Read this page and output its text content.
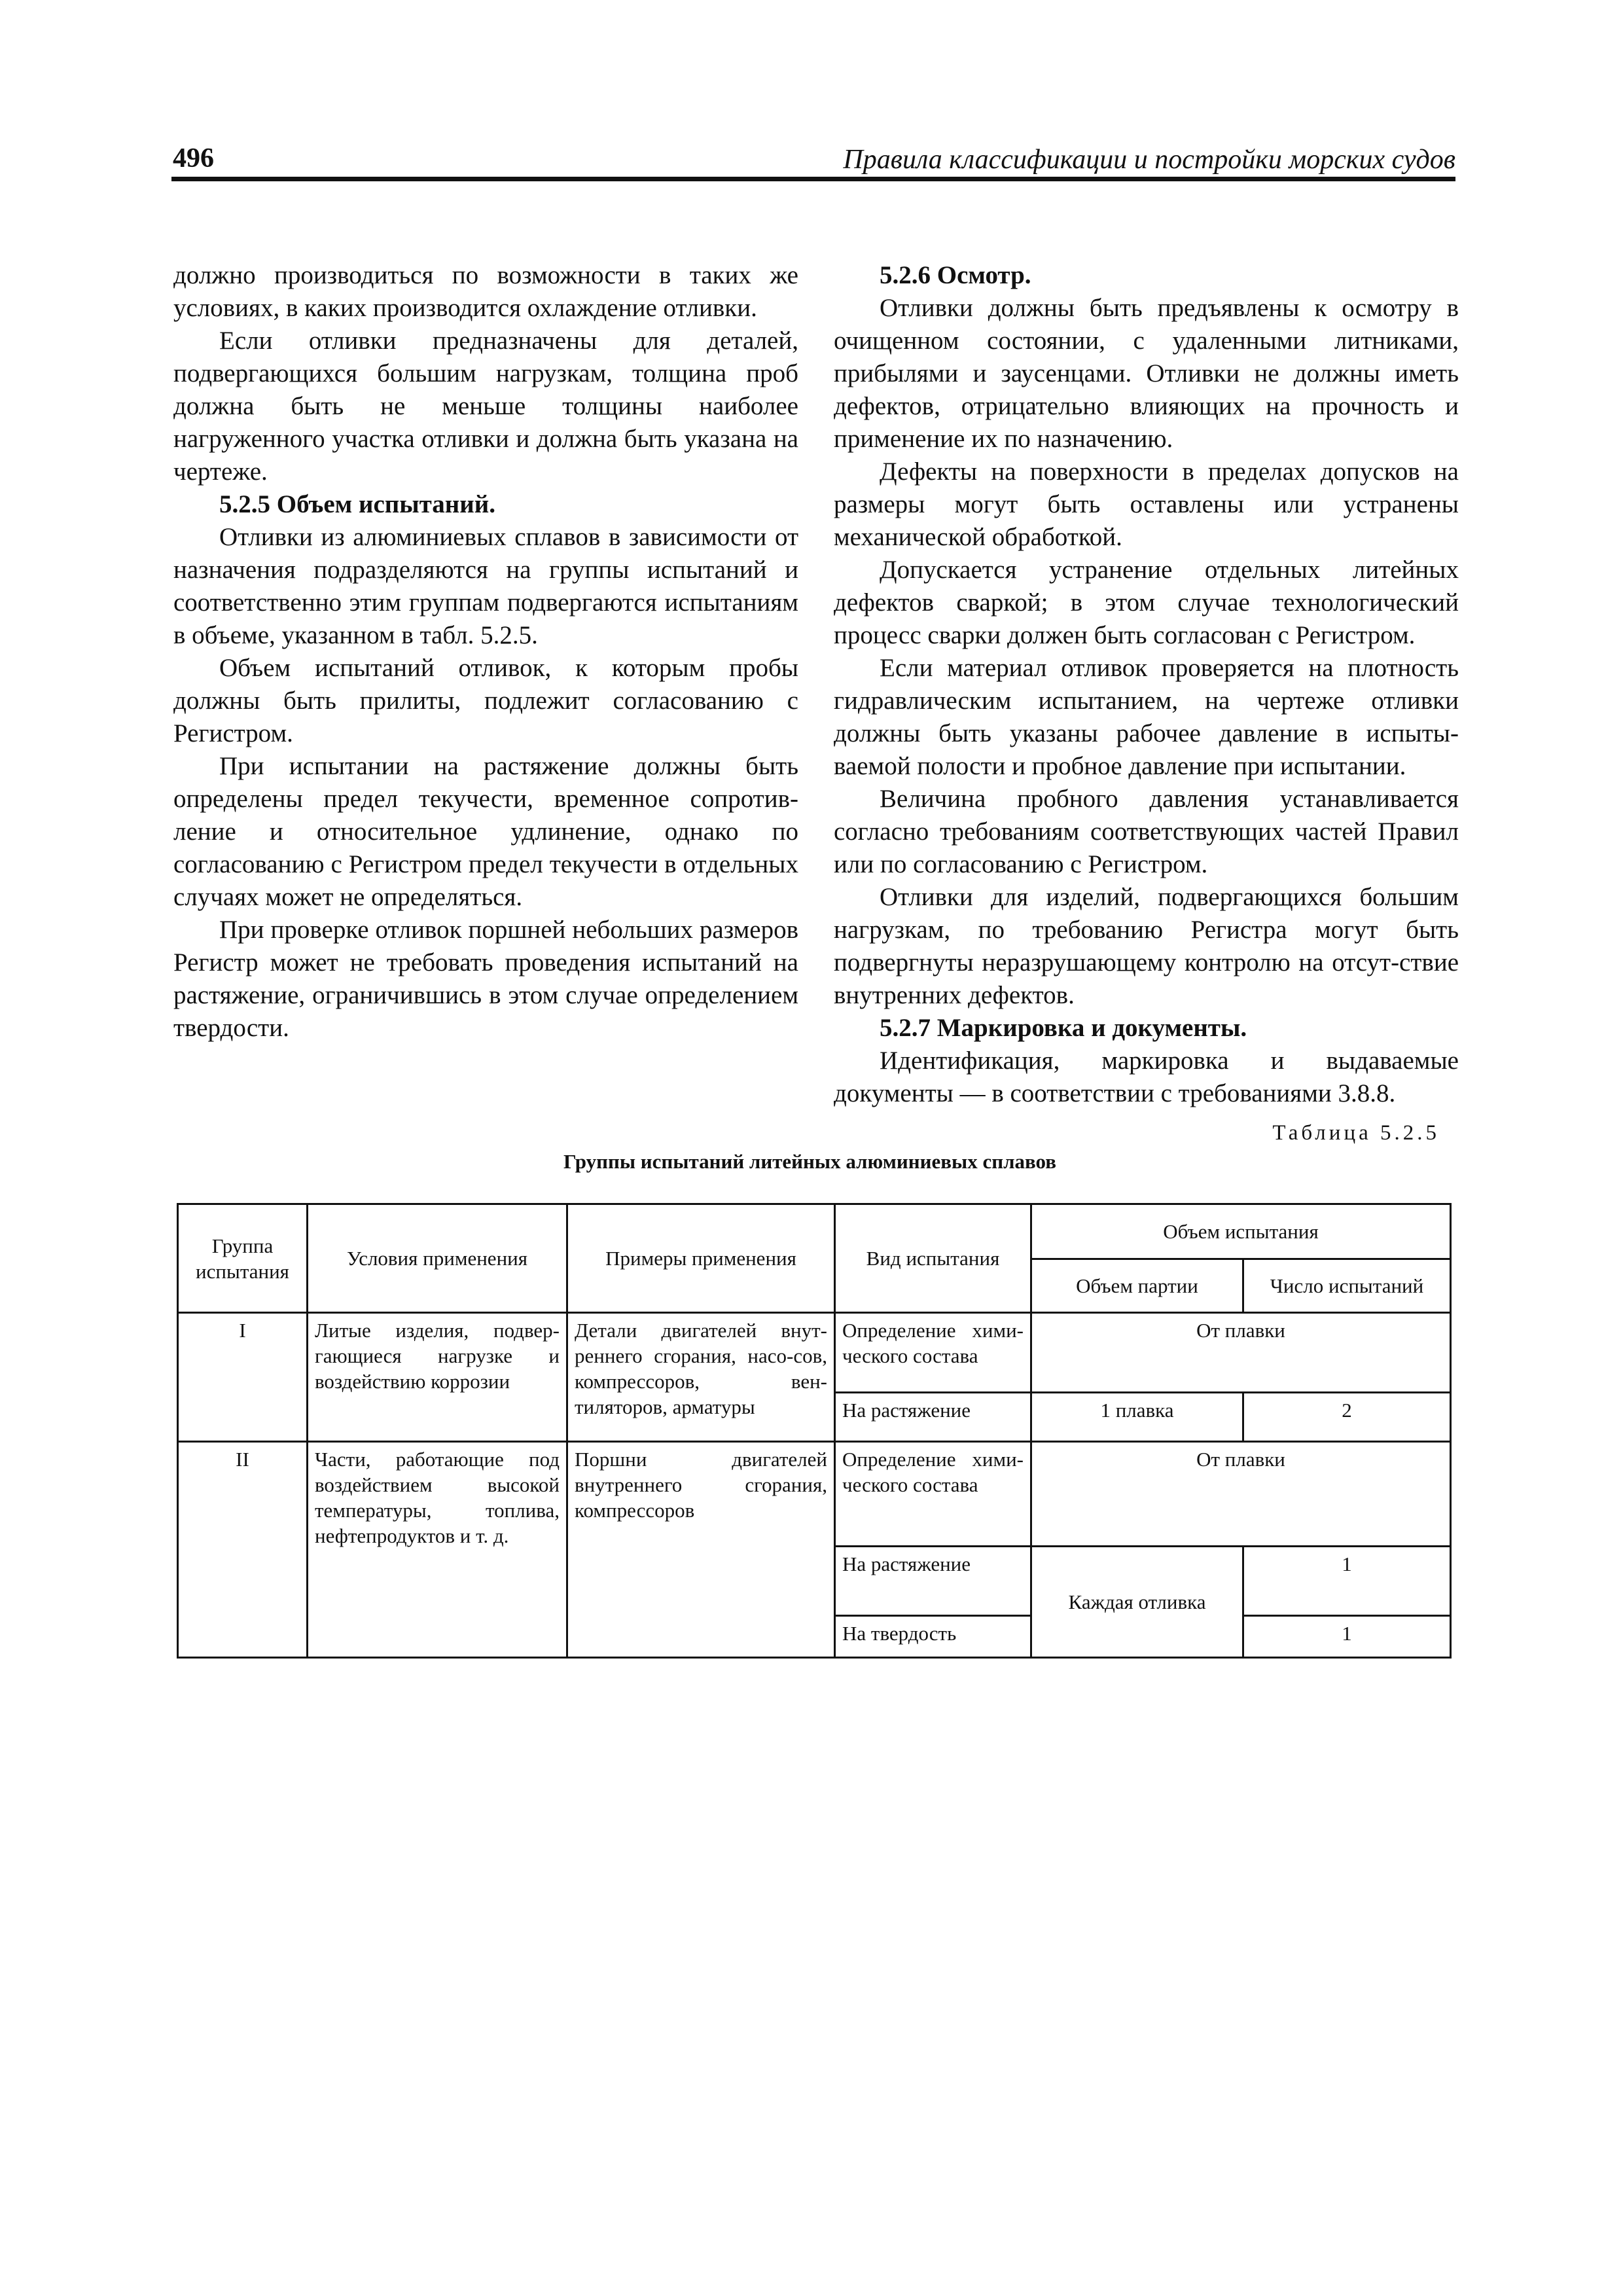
496	Правила классификации и постройки морских судов

должно производиться по возможности в таких же условиях, в каких производится охлаждение отливки.

Если отливки предназначены для деталей, подвергающихся большим нагрузкам, толщина проб должна быть не меньше толщины наиболее нагруженного участка отливки и должна быть указана на чертеже.

5.2.5 Объем испытаний.

Отливки из алюминиевых сплавов в зависимости от назначения подразделяются на группы испытаний и соответственно этим группам подвергаются испытаниям в объеме, указанном в табл. 5.2.5.

Объем испытаний отливок, к которым пробы должны быть прилиты, подлежит согласованию с Регистром.

При испытании на растяжение должны быть определены предел текучести, временное сопротив-ление и относительное удлинение, однако по согласованию с Регистром предел текучести в отдельных случаях может не определяться.

При проверке отливок поршней небольших размеров Регистр может не требовать проведения испытаний на растяжение, ограничившись в этом случае определением твердости.

5.2.6 Осмотр.

Отливки должны быть предъявлены к осмотру в очищенном состоянии, с удаленными литниками, прибылями и заусенцами. Отливки не должны иметь дефектов, отрицательно влияющих на прочность и применение их по назначению.

Дефекты на поверхности в пределах допусков на размеры могут быть оставлены или устранены механической обработкой.

Допускается устранение отдельных литейных дефектов сваркой; в этом случае технологический процесс сварки должен быть согласован с Регистром.

Если материал отливок проверяется на плотность гидравлическим испытанием, на чертеже отливки должны быть указаны рабочее давление в испыты-ваемой полости и пробное давление при испытании.

Величина пробного давления устанавливается согласно требованиям соответствующих частей Правил или по согласованию с Регистром.

Отливки для изделий, подвергающихся большим нагрузкам, по требованию Регистра могут быть подвергнуты неразрушающему контролю на отсут-ствие внутренних дефектов.

5.2.7 Маркировка и документы.

Идентификация, маркировка и выдаваемые документы — в соответствии с требованиями 3.8.8.

Таблица 5.2.5
Группы испытаний литейных алюминиевых сплавов
Группа испытания	Условия применения	Примеры применения	Вид испытания	Объем испытания	
				Объем партии	Число испытаний
I	Литые изделия, подвер-гающиеся нагрузке и воздействию коррозии	Детали двигателей внут-реннего сгорания, насо-сов, компрессоров, вен-тиляторов, арматуры	Определение хими-ческого состава	От плавки	
			На растяжение	1 плавка	2
II	Части, работающие под воздействием высокой температуры, топлива, нефтепродуктов и т. д.	Поршни двигателей внутреннего сгорания, компрессоров	Определение хими-ческого состава	От плавки	
			На растяжение	Каждая отливка	1
			На твердость		1
